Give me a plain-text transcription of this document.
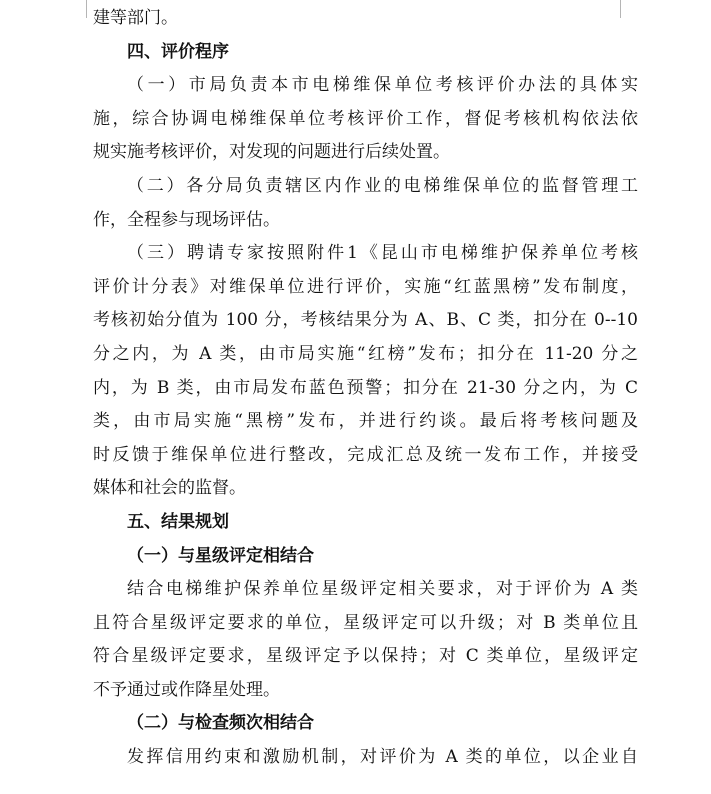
建等部门。
四、评价程序
（一）市局负责本市电梯维保单位考核评价办法的具体实
施，综合协调电梯维保单位考核评价工作，督促考核机构依法依
规实施考核评价，对发现的问题进行后续处置。
（二）各分局负责辖区内作业的电梯维保单位的监督管理工
作，全程参与现场评估。
（三）聘请专家按照附件1《昆山市电梯维护保养单位考核
评价计分表》对维保单位进行评价，实施“红蓝黑榜”发布制度，
考核初始分值为 100 分，考核结果分为 A、B、C 类，扣分在 0--10
分之内，为 A 类，由市局实施“红榜”发布；扣分在 11-20 分之
内，为 B 类，由市局发布蓝色预警；扣分在 21-30 分之内，为 C
类，由市局实施“黑榜”发布，并进行约谈。最后将考核问题及
时反馈于维保单位进行整改，完成汇总及统一发布工作，并接受
媒体和社会的监督。
五、结果规划
（一）与星级评定相结合
结合电梯维护保养单位星级评定相关要求，对于评价为 A 类
且符合星级评定要求的单位，星级评定可以升级；对 B 类单位且
符合星级评定要求，星级评定予以保持；对 C 类单位，星级评定
不予通过或作降星处理。
（二）与检查频次相结合
发挥信用约束和激励机制，对评价为 A 类的单位，以企业自
